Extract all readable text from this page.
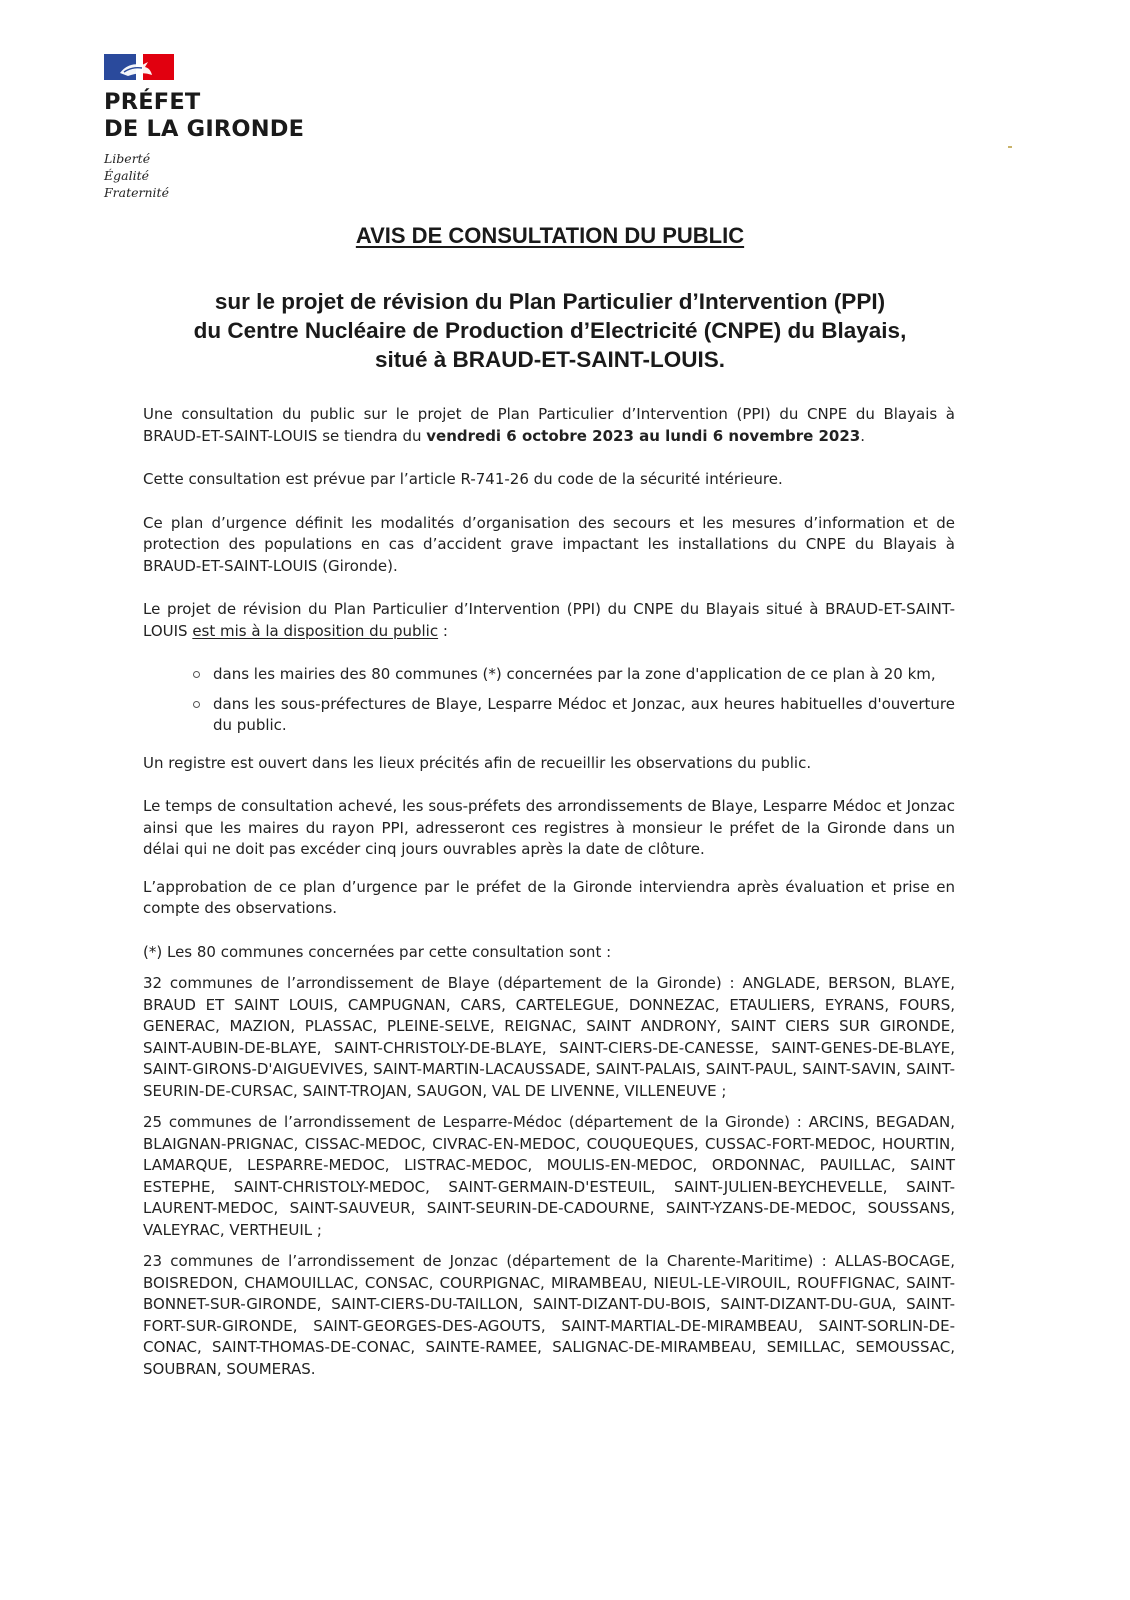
PRÉFET
DE LA GIRONDE
Liberté
Égalité
Fraternité
AVIS DE CONSULTATION DU PUBLIC
sur le projet de révision du Plan Particulier d’Intervention (PPI)
du Centre Nucléaire de Production d’Electricité (CNPE) du Blayais,
situé à BRAUD-ET-SAINT-LOUIS.

Une consultation du public sur le projet de Plan Particulier d’Intervention (PPI) du CNPE du Blayais à BRAUD-ET-SAINT-LOUIS se tiendra du vendredi 6 octobre 2023 au lundi 6 novembre 2023.

Cette consultation est prévue par l’article R-741-26 du code de la sécurité intérieure.

Ce plan d’urgence définit les modalités d’organisation des secours et les mesures d’information et de protection des populations en cas d’accident grave impactant les installations du CNPE du Blayais à BRAUD-ET-SAINT-LOUIS (Gironde).

Le projet de révision du Plan Particulier d’Intervention (PPI) du CNPE du Blayais situé à BRAUD-ET-SAINT-LOUIS est mis à la disposition du public :

dans les mairies des 80 communes (*) concernées par la zone d'application de ce plan à 20 km,
dans les sous-préfectures de Blaye, Lesparre Médoc et Jonzac, aux heures habituelles d'ouverture du public.

Un registre est ouvert dans les lieux précités afin de recueillir les observations du public.

Le temps de consultation achevé, les sous-préfets des arrondissements de Blaye, Lesparre Médoc et Jonzac ainsi que les maires du rayon PPI, adresseront ces registres à monsieur le préfet de la Gironde dans un délai qui ne doit pas excéder cinq jours ouvrables après la date de clôture.

L’approbation de ce plan d’urgence par le préfet de la Gironde interviendra après évaluation et prise en compte des observations.

(*) Les 80 communes concernées par cette consultation sont :

32 communes de l’arrondissement de Blaye (département de la Gironde) : ANGLADE, BERSON, BLAYE, BRAUD ET SAINT LOUIS, CAMPUGNAN, CARS, CARTELEGUE, DONNEZAC, ETAULIERS, EYRANS, FOURS, GENERAC, MAZION, PLASSAC, PLEINE-SELVE, REIGNAC, SAINT ANDRONY, SAINT CIERS SUR GIRONDE, SAINT-AUBIN-DE-BLAYE, SAINT-CHRISTOLY-DE-BLAYE, SAINT-CIERS-DE-CANESSE, SAINT-GENES-DE-BLAYE, SAINT-GIRONS-D'AIGUEVIVES, SAINT-MARTIN-LACAUSSADE, SAINT-PALAIS, SAINT-PAUL, SAINT-SAVIN, SAINT-SEURIN-DE-CURSAC, SAINT-TROJAN, SAUGON, VAL DE LIVENNE, VILLENEUVE ;

25 communes de l’arrondissement de Lesparre-Médoc (département de la Gironde) : ARCINS, BEGADAN, BLAIGNAN-PRIGNAC, CISSAC-MEDOC, CIVRAC-EN-MEDOC, COUQUEQUES, CUSSAC-FORT-MEDOC, HOURTIN, LAMARQUE, LESPARRE-MEDOC, LISTRAC-MEDOC, MOULIS-EN-MEDOC, ORDONNAC, PAUILLAC, SAINT ESTEPHE, SAINT-CHRISTOLY-MEDOC, SAINT-GERMAIN-D'ESTEUIL, SAINT-JULIEN-BEYCHEVELLE, SAINT-LAURENT-MEDOC, SAINT-SAUVEUR, SAINT-SEURIN-DE-CADOURNE, SAINT-YZANS-DE-MEDOC, SOUSSANS, VALEYRAC, VERTHEUIL ;

23 communes de l’arrondissement de Jonzac (département de la Charente-Maritime) : ALLAS-BOCAGE, BOISREDON, CHAMOUILLAC, CONSAC, COURPIGNAC, MIRAMBEAU, NIEUL-LE-VIROUIL, ROUFFIGNAC, SAINT-BONNET-SUR-GIRONDE, SAINT-CIERS-DU-TAILLON, SAINT-DIZANT-DU-BOIS, SAINT-DIZANT-DU-GUA, SAINT-FORT-SUR-GIRONDE, SAINT-GEORGES-DES-AGOUTS, SAINT-MARTIAL-DE-MIRAMBEAU, SAINT-SORLIN-DE-CONAC, SAINT-THOMAS-DE-CONAC, SAINTE-RAMEE, SALIGNAC-DE-MIRAMBEAU, SEMILLAC, SEMOUSSAC, SOUBRAN, SOUMERAS.
